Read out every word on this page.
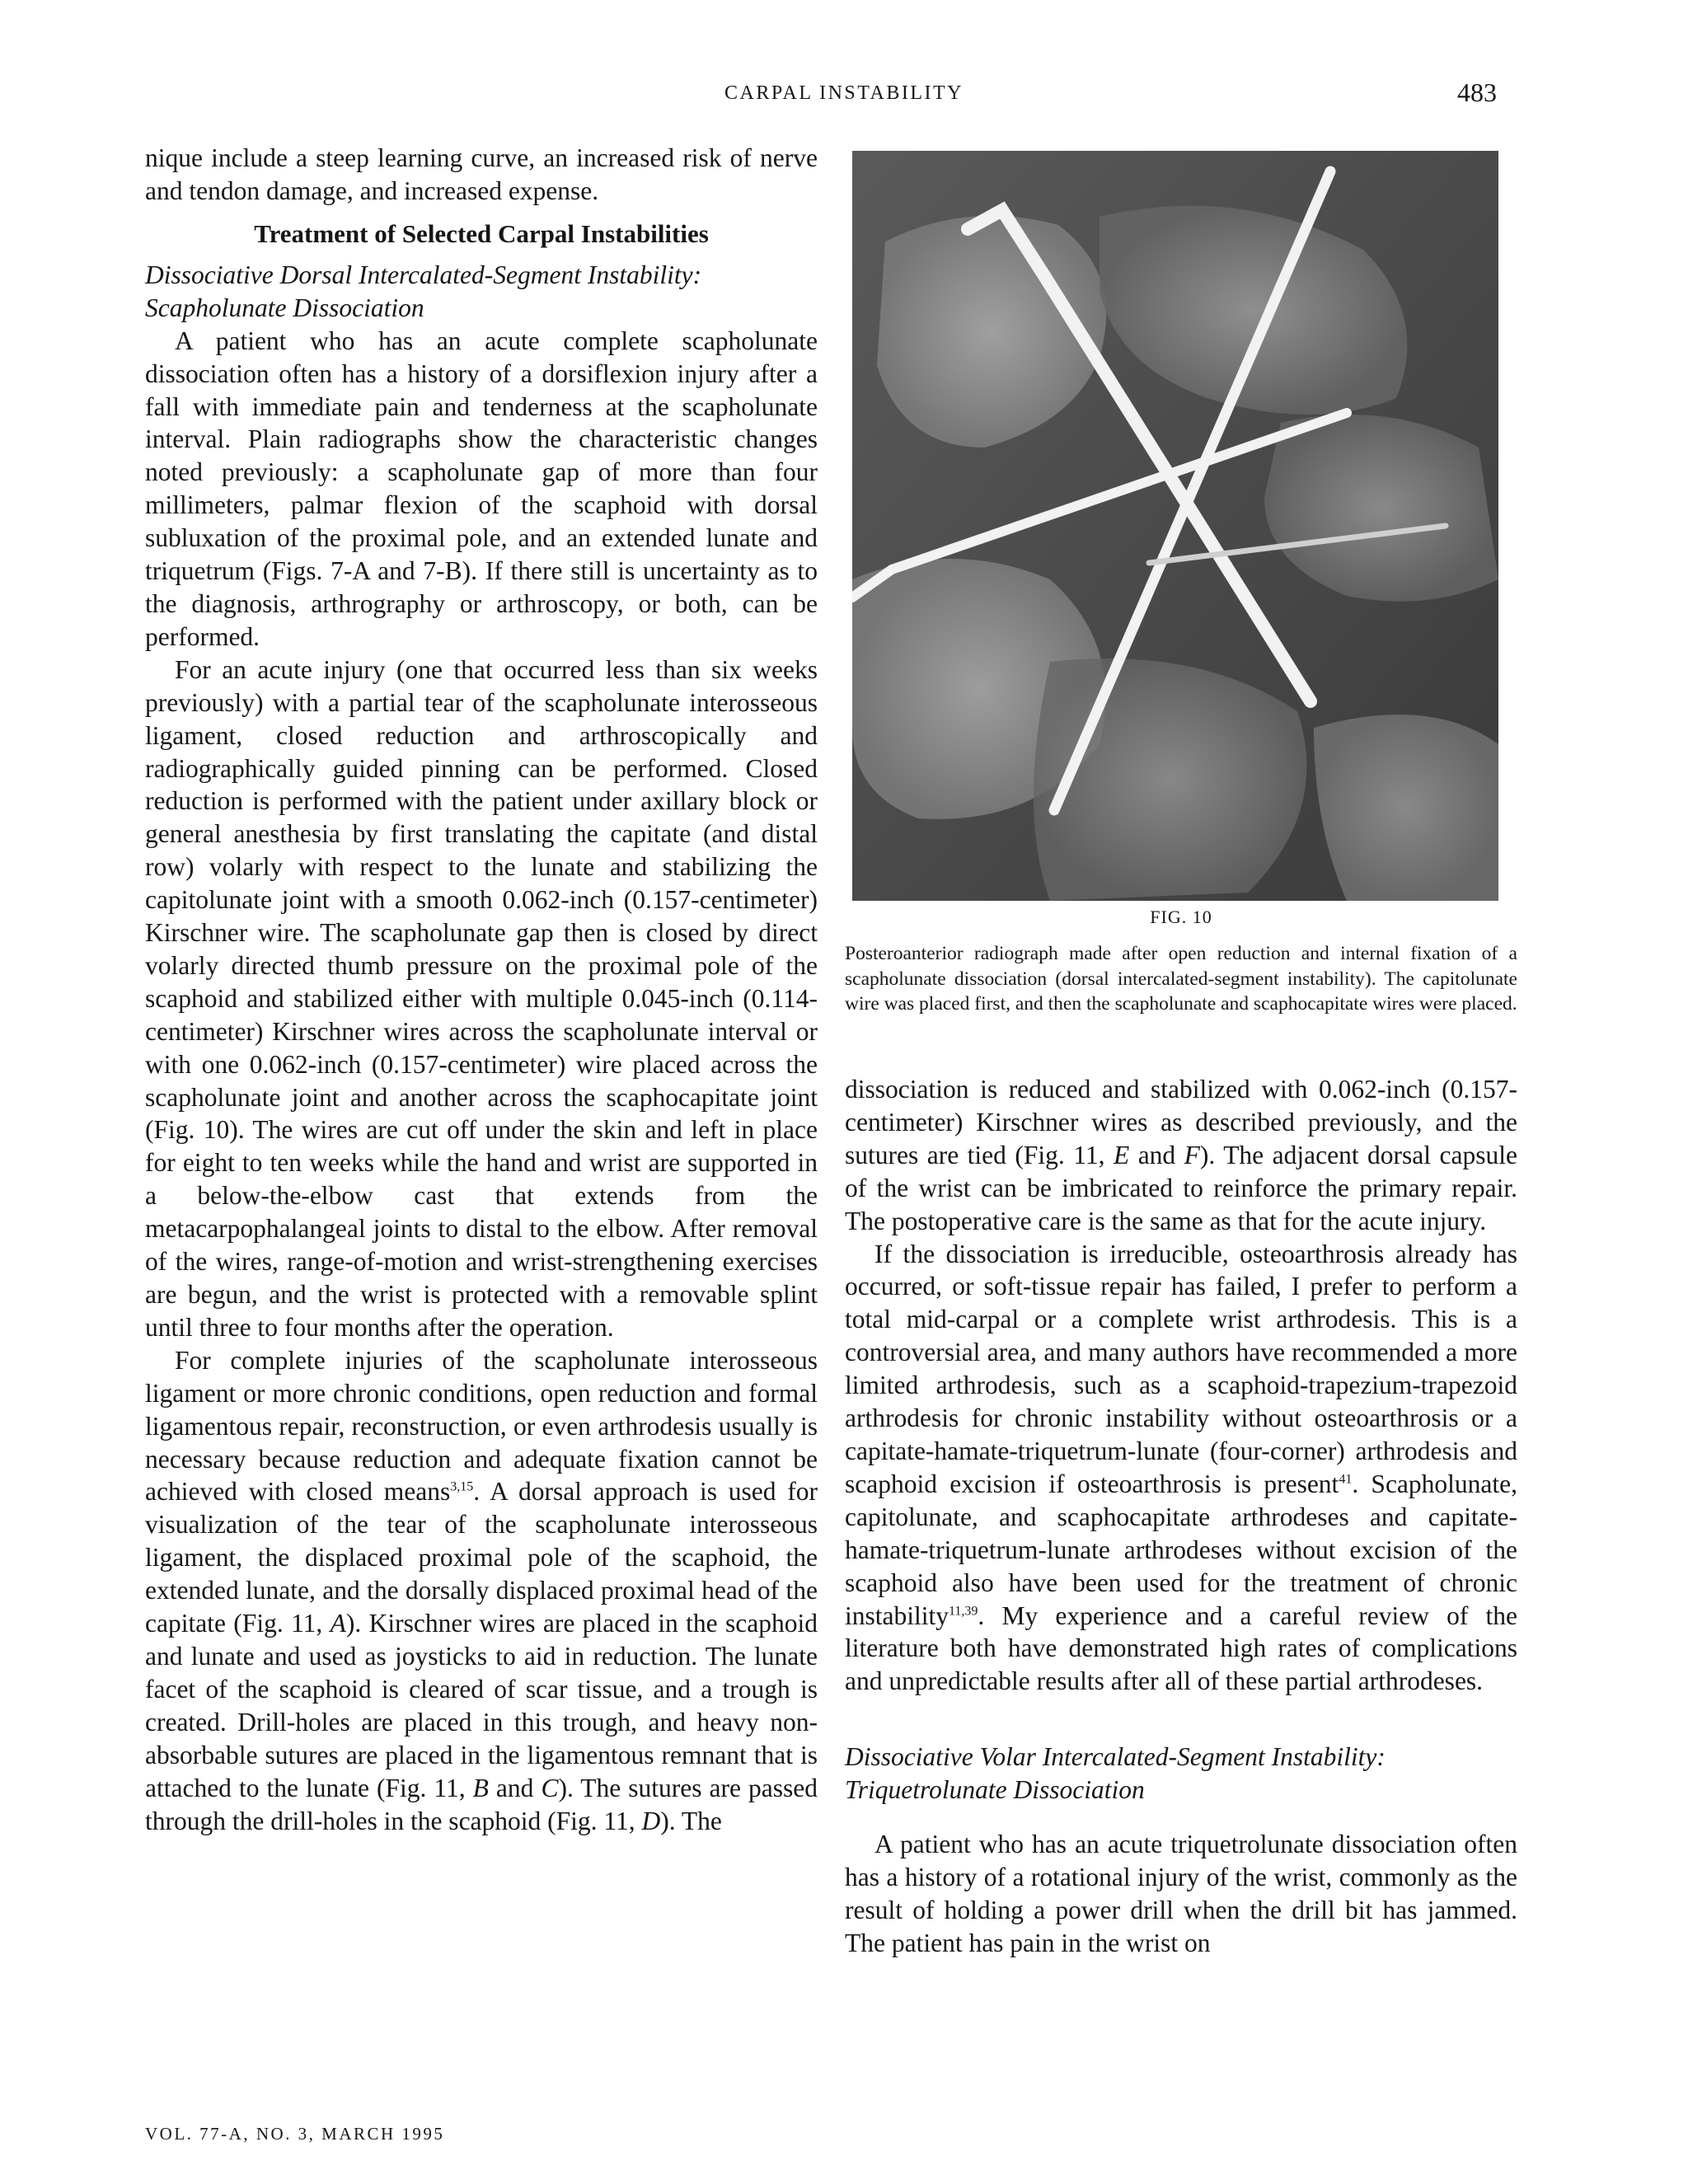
CARPAL INSTABILITY	483

nique include a steep learning curve, an increased risk of nerve and tendon damage, and increased expense.

Treatment of Selected Carpal Instabilities
Dissociative Dorsal Intercalated-Segment Instability:
Scapholunate Dissociation

A patient who has an acute complete scapholunate dissociation often has a history of a dorsiflexion injury after a fall with immediate pain and tenderness at the scapholunate interval. Plain radiographs show the characteristic changes noted previously: a scapholunate gap of more than four millimeters, palmar flexion of the scaphoid with dorsal subluxation of the proximal pole, and an extended lunate and triquetrum (Figs. 7-A and 7-B). If there still is uncertainty as to the diagnosis, arthrography or arthroscopy, or both, can be performed.

For an acute injury (one that occurred less than six weeks previously) with a partial tear of the scapholunate interosseous ligament, closed reduction and arthroscopically and radiographically guided pinning can be performed. Closed reduction is performed with the patient under axillary block or general anesthesia by first translating the capitate (and distal row) volarly with respect to the lunate and stabilizing the capitolunate joint with a smooth 0.062-inch (0.157-centimeter) Kirschner wire. The scapholunate gap then is closed by direct volarly directed thumb pressure on the proximal pole of the scaphoid and stabilized either with multiple 0.045-inch (0.114-centimeter) Kirschner wires across the scapholunate interval or with one 0.062-inch (0.157-centimeter) wire placed across the scapholunate joint and another across the scaphocapitate joint (Fig. 10). The wires are cut off under the skin and left in place for eight to ten weeks while the hand and wrist are supported in a below-the-elbow cast that extends from the metacarpophalangeal joints to distal to the elbow. After removal of the wires, range-of-motion and wrist-strengthening exercises are begun, and the wrist is protected with a removable splint until three to four months after the operation.

For complete injuries of the scapholunate interosseous ligament or more chronic conditions, open reduction and formal ligamentous repair, reconstruction, or even arthrodesis usually is necessary because reduction and adequate fixation cannot be achieved with closed means$^{3,15}$. A dorsal approach is used for visualization of the tear of the scapholunate interosseous ligament, the displaced proximal pole of the scaphoid, the extended lunate, and the dorsally displaced proximal head of the capitate (Fig. 11, A). Kirschner wires are placed in the scaphoid and lunate and used as joysticks to aid in reduction. The lunate facet of the scaphoid is cleared of scar tissue, and a trough is created. Drill-holes are placed in this trough, and heavy non-absorbable sutures are placed in the ligamentous remnant that is attached to the lunate (Fig. 11, B and C). The sutures are passed through the drill-holes in the scaphoid (Fig. 11, D). The

FIG. 10
Posteroanterior radiograph made after open reduction and internal fixation of a scapholunate dissociation (dorsal intercalated-segment instability). The capitolunate wire was placed first, and then the scapholunate and scaphocapitate wires were placed.

dissociation is reduced and stabilized with 0.062-inch (0.157-centimeter) Kirschner wires as described previously, and the sutures are tied (Fig. 11, E and F). The adjacent dorsal capsule of the wrist can be imbricated to reinforce the primary repair. The postoperative care is the same as that for the acute injury.

If the dissociation is irreducible, osteoarthrosis already has occurred, or soft-tissue repair has failed, I prefer to perform a total mid-carpal or a complete wrist arthrodesis. This is a controversial area, and many authors have recommended a more limited arthrodesis, such as a scaphoid-trapezium-trapezoid arthrodesis for chronic instability without osteoarthrosis or a capitate-hamate-triquetrum-lunate (four-corner) arthrodesis and scaphoid excision if osteoarthrosis is present$^{41}$. Scapholunate, capitolunate, and scaphocapitate arthrodeses and capitate-hamate-triquetrum-lunate arthrodeses without excision of the scaphoid also have been used for the treatment of chronic instability$^{11,39}$. My experience and a careful review of the literature both have demonstrated high rates of complications and unpredictable results after all of these partial arthrodeses.

Dissociative Volar Intercalated-Segment Instability:
Triquetrolunate Dissociation

A patient who has an acute triquetrolunate dissociation often has a history of a rotational injury of the wrist, commonly as the result of holding a power drill when the drill bit has jammed. The patient has pain in the wrist on

VOL. 77-A, NO. 3, MARCH 1995
